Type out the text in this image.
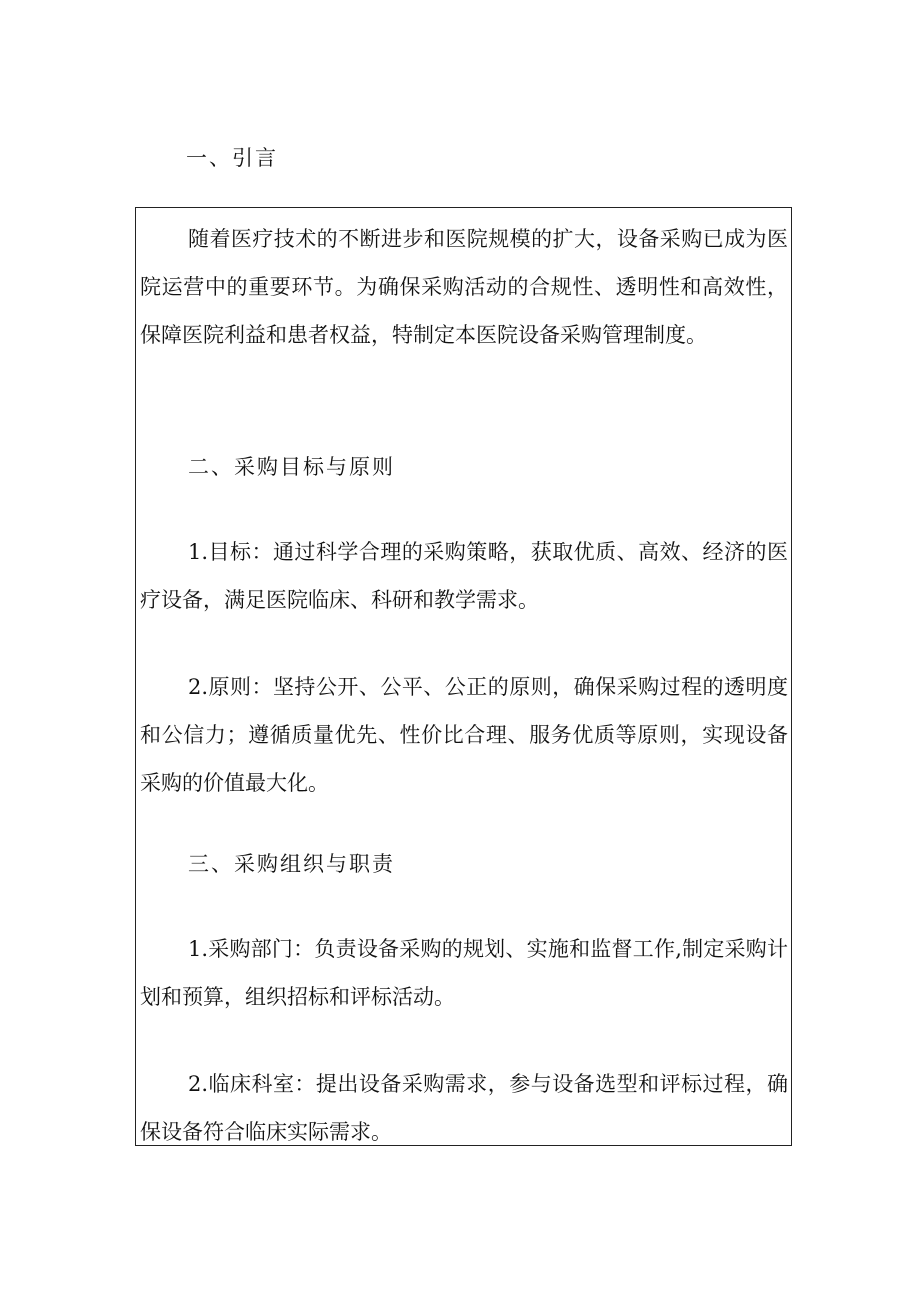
一、引言

随着医疗技术的不断进步和医院规模的扩大，设备采购已成为医院运营中的重要环节。为确保采购活动的合规性、透明性和高效性，保障医院利益和患者权益，特制定本医院设备采购管理制度。

二、采购目标与原则

1.目标：通过科学合理的采购策略，获取优质、高效、经济的医疗设备，满足医院临床、科研和教学需求。

2.原则：坚持公开、公平、公正的原则，确保采购过程的透明度和公信力；遵循质量优先、性价比合理、服务优质等原则，实现设备采购的价值最大化。

三、采购组织与职责

1.采购部门：负责设备采购的规划、实施和监督工作,制定采购计划和预算，组织招标和评标活动。

2.临床科室：提出设备采购需求，参与设备选型和评标过程，确保设备符合临床实际需求。
